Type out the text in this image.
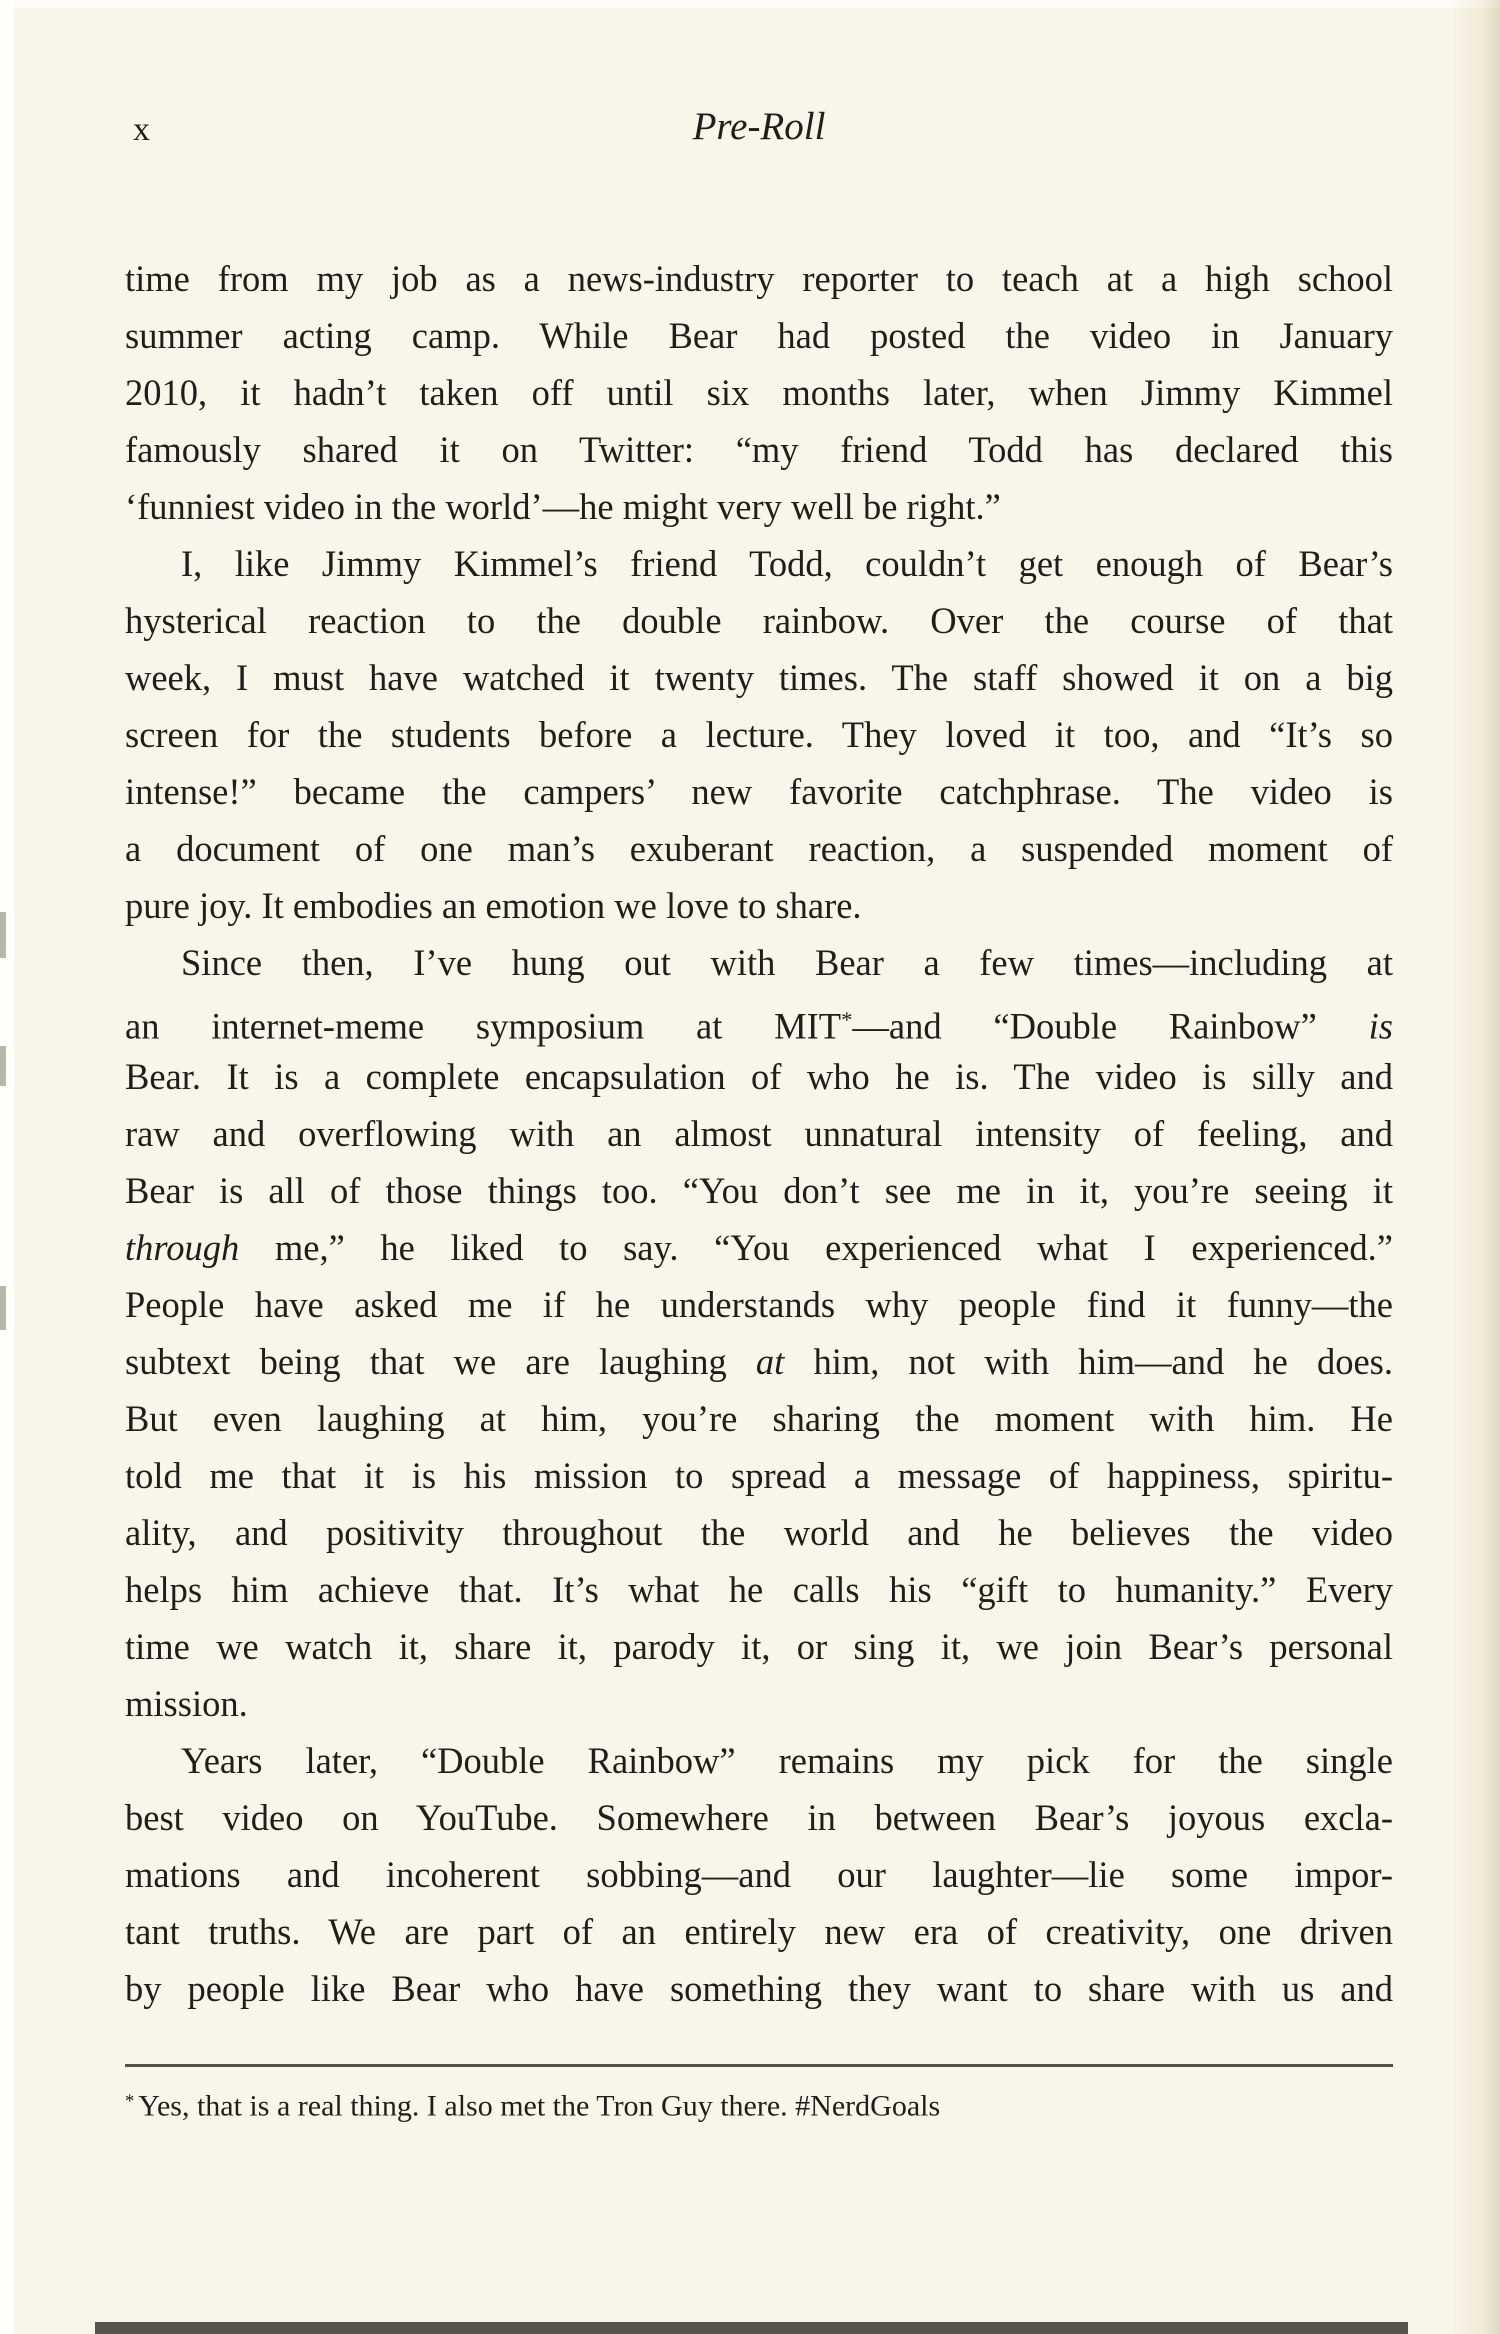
x	Pre-Roll
time from my job as a news-industry reporter to teach at a high school
summer acting camp. While Bear had posted the video in January
2010, it hadn’t taken off until six months later, when Jimmy Kimmel
famously shared it on Twitter: “my friend Todd has declared this
‘funniest video in the world’—he might very well be right.”
I, like Jimmy Kimmel’s friend Todd, couldn’t get enough of Bear’s
hysterical reaction to the double rainbow. Over the course of that
week, I must have watched it twenty times. The staff showed it on a big
screen for the students before a lecture. They loved it too, and “It’s so
intense!” became the campers’ new favorite catchphrase. The video is
a document of one man’s exuberant reaction, a suspended moment of
pure joy. It embodies an emotion we love to share.
Since then, I’ve hung out with Bear a few times—including at
an internet-meme symposium at MIT*—and “Double Rainbow” is
Bear. It is a complete encapsulation of who he is. The video is silly and
raw and overflowing with an almost unnatural intensity of feeling, and
Bear is all of those things too. “You don’t see me in it, you’re seeing it
through me,” he liked to say. “You experienced what I experienced.”
People have asked me if he understands why people find it funny—the
subtext being that we are laughing at him, not with him—and he does.
But even laughing at him, you’re sharing the moment with him. He
told me that it is his mission to spread a message of happiness, spiritu-
ality, and positivity throughout the world and he believes the video
helps him achieve that. It’s what he calls his “gift to humanity.” Every
time we watch it, share it, parody it, or sing it, we join Bear’s personal
mission.
Years later, “Double Rainbow” remains my pick for the single
best video on YouTube. Somewhere in between Bear’s joyous excla-
mations and incoherent sobbing—and our laughter—lie some impor-
tant truths. We are part of an entirely new era of creativity, one driven
by people like Bear who have something they want to share with us and
* Yes, that is a real thing. I also met the Tron Guy there. #NerdGoals
